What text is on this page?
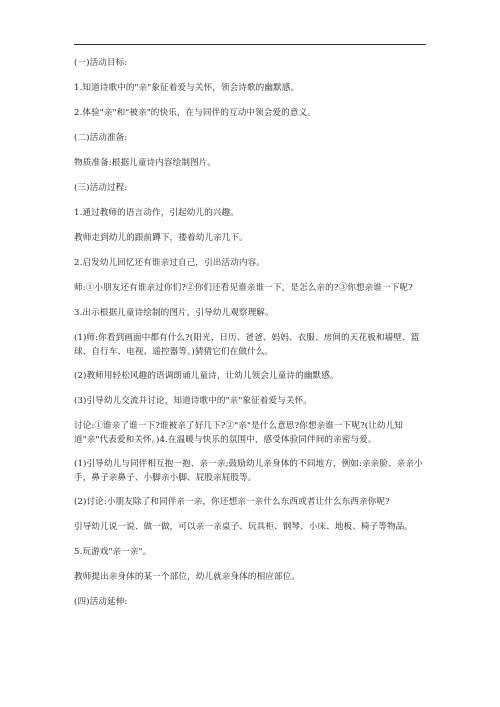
(一)活动目标:

1.知道诗歌中的"亲"象征着爱与关怀，领会诗歌的幽默感。

2.体验"亲"和"被亲"的快乐，在与同伴的互动中领会爱的意义。

(二)活动准备:

物质准备:根据儿童诗内容绘制图片。

(三)活动过程:

1.通过教师的语言动作，引起幼儿的兴趣。

教师走到幼儿的跟前蹲下，搂着幼儿亲几下。

2.启发幼儿回忆还有谁亲过自己，引出活动内容。

师:①小朋友还有谁亲过你们?②你们还看见谁亲谁一下，是怎么亲的?③你想亲谁一下呢?

3.出示根据儿童诗绘制的图片，引导幼儿观察理解。

(1)师:你看到画面中都有什么?(阳光、日历、爸爸、妈妈、衣服、房间的天花板和墙壁、篮球、自行车、电视、遥控器等。)猜猜它们在做什么。

(2)教师用轻松风趣的语调朗诵儿童诗，让幼儿领会儿童诗的幽默感。

(3)引导幼儿交流并讨论，知道诗歌中的"亲"象征着爱与关怀。

讨论:①谁亲了谁一下?谁被亲了好几下?②"亲"是什么意思?你想亲谁一下呢?(让幼儿知道"亲"代表爱和关怀。)4.在温暖与快乐的氛围中，感受体验同伴间的亲密与爱。

(1)引导幼儿与同伴相互抱一抱、亲一亲;鼓励幼儿亲身体的不同地方，例如:亲亲脸、亲亲小手，鼻子亲鼻子、小脚亲小脚、屁股亲屁股等。

(2)讨论:小朋友除了和同伴亲一亲，你还想亲一亲什么东西或者让什么东西亲你呢?

引导幼儿说一说、做一做，可以亲一亲桌子、玩具柜、钢琴、小床、地板、椅子等物品。

5.玩游戏"亲一亲"。

教师提出亲身体的某一个部位，幼儿就亲身体的相应部位。

(四)活动延伸:
